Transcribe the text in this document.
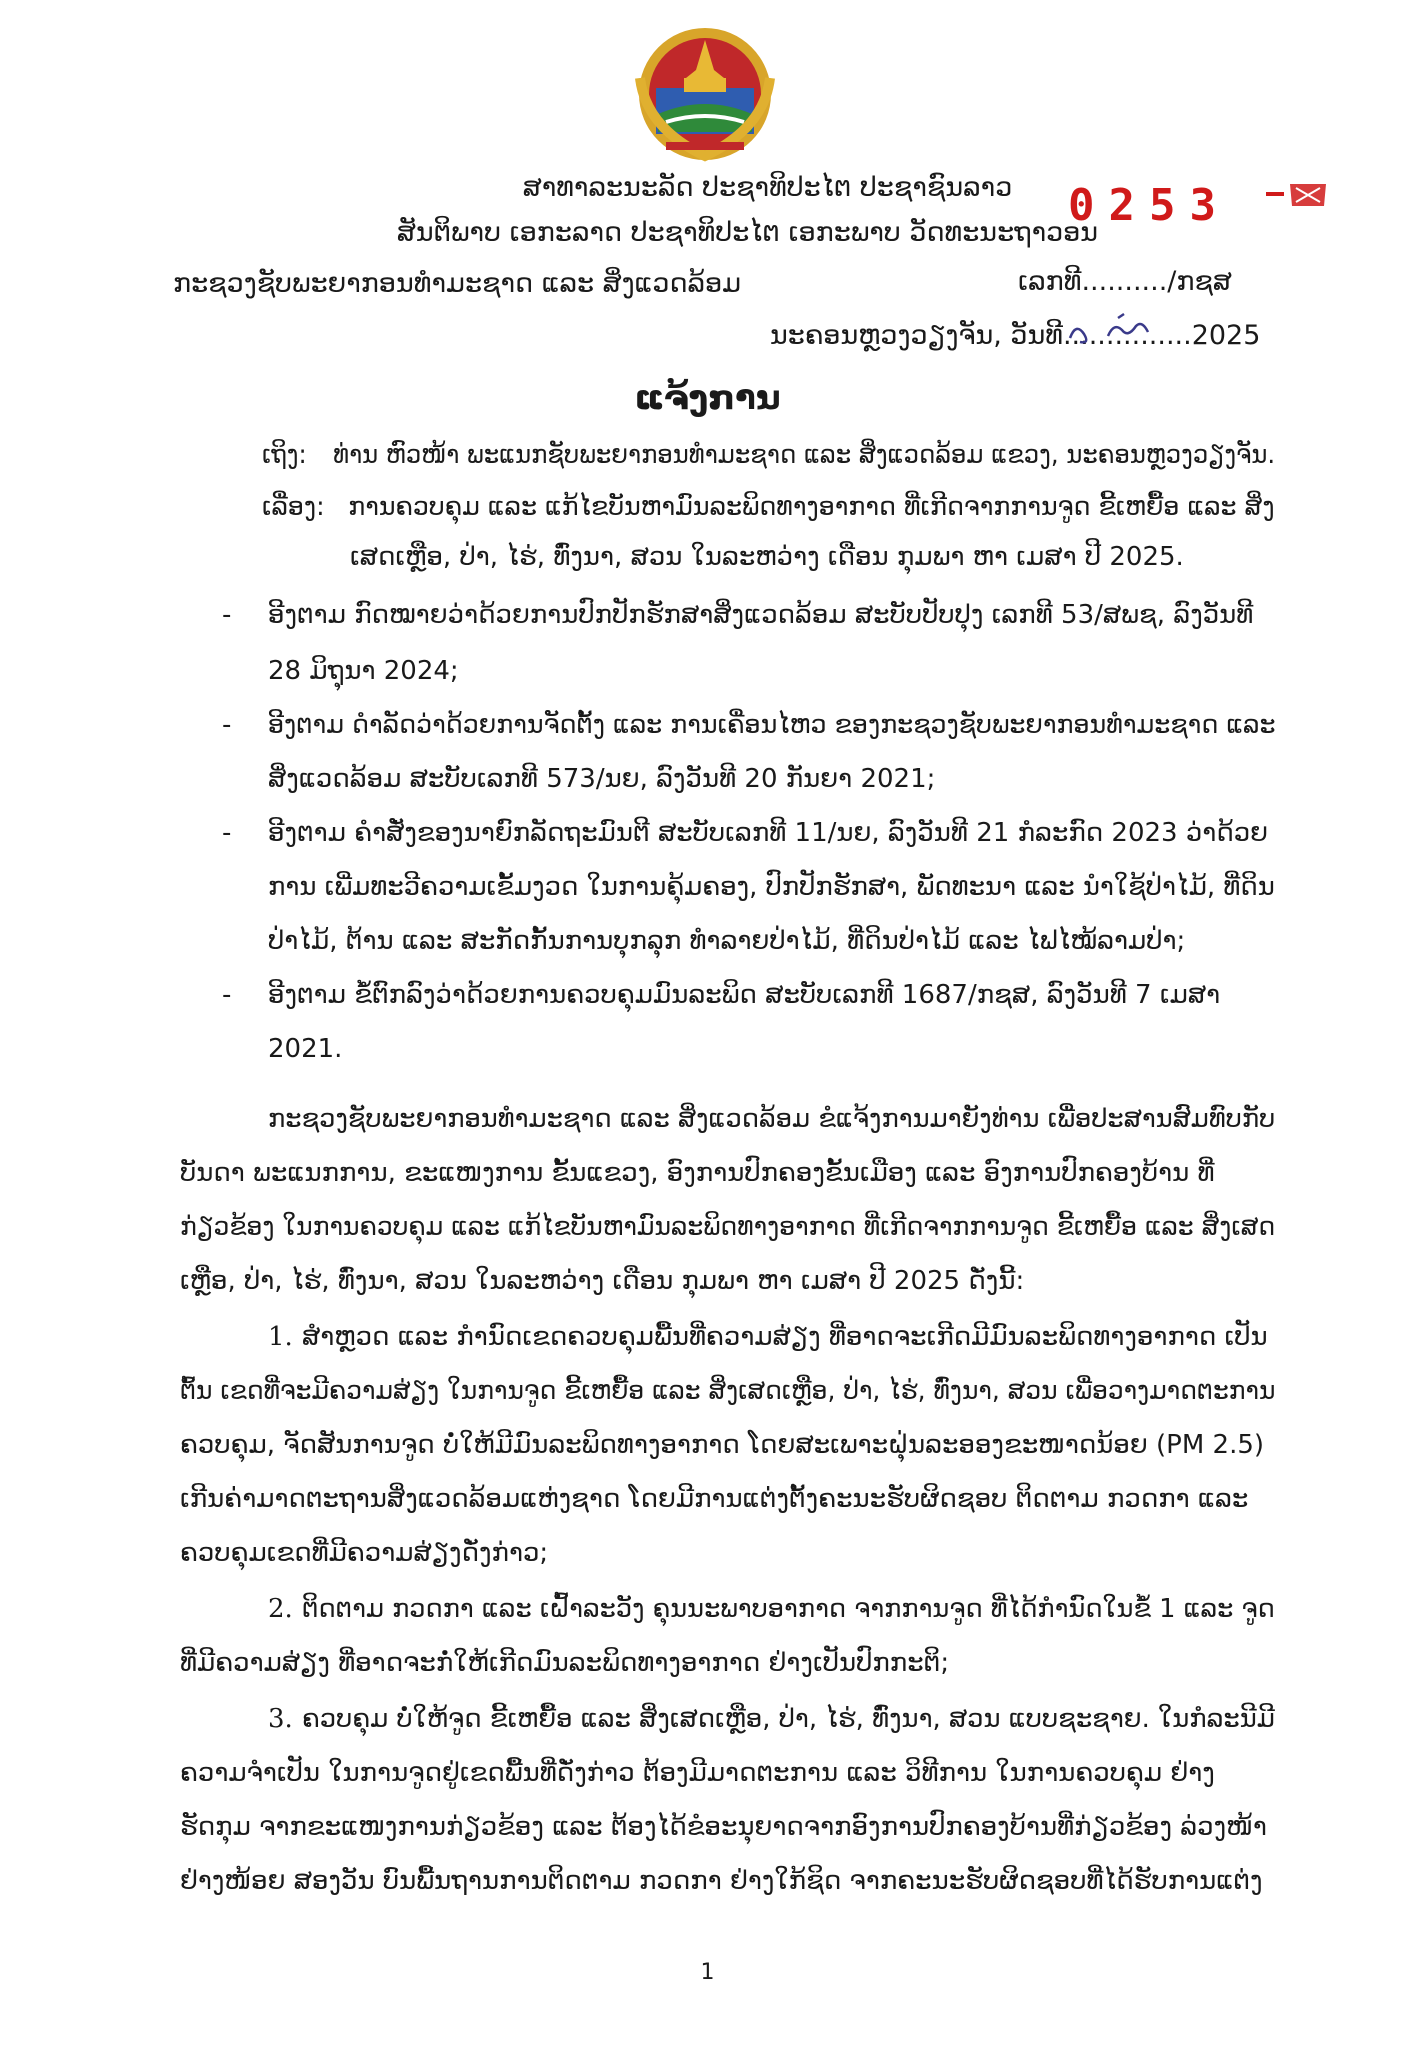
ສາທາລະນະລັດ ປະຊາທິປະໄຕ ປະຊາຊົນລາວ
ສັນຕິພາບ ເອກະລາດ ປະຊາທິປະໄຕ ເອກະພາບ ວັດທະນະຖາວອນ
0253
ກະຊວງຊັບພະຍາກອນທໍາມະຊາດ ແລະ ສິ່ງແວດລ້ອມ	ເລກທີ........../ກຊສ
ນະຄອນຫຼວງວຽງຈັນ, ວັນທີ...............2025
ແຈ້ງການ
ເຖິງ: ທ່ານ ຫົວໜ້າ ພະແນກຊັບພະຍາກອນທໍາມະຊາດ ແລະ ສິ່ງແວດລ້ອມ ແຂວງ, ນະຄອນຫຼວງວຽງຈັນ.
ເລື່ອງ: ການຄວບຄຸມ ແລະ ແກ້ໄຂບັນຫາມົນລະພິດທາງອາກາດ ທີ່ເກີດຈາກການຈູດ ຂີ້ເຫຍື້ອ ແລະ ສິ່ງ
ເສດເຫຼືອ, ປ່າ, ໄຮ່, ທົ່ງນາ, ສວນ ໃນລະຫວ່າງ ເດືອນ ກຸມພາ ຫາ ເມສາ ປີ 2025.
- ອີງຕາມ ກົດໝາຍວ່າດ້ວຍການປົກປັກຮັກສາສິ່ງແວດລ້ອມ ສະບັບປັບປຸງ ເລກທີ 53/ສພຊ, ລົງວັນທີ
28 ມິຖຸນາ 2024;
- ອີງຕາມ ດໍາລັດວ່າດ້ວຍການຈັດຕັ້ງ ແລະ ການເຄື່ອນໄຫວ ຂອງກະຊວງຊັບພະຍາກອນທໍາມະຊາດ ແລະ
ສິ່ງແວດລ້ອມ ສະບັບເລກທີ 573/ນຍ, ລົງວັນທີ 20 ກັນຍາ 2021;
- ອີງຕາມ ຄໍາສັ່ງຂອງນາຍົກລັດຖະມົນຕີ ສະບັບເລກທີ 11/ນຍ, ລົງວັນທີ 21 ກໍລະກົດ 2023 ວ່າດ້ວຍ
ການ ເພີ່ມທະວີຄວາມເຂັ້ມງວດ ໃນການຄຸ້ມຄອງ, ປົກປັກຮັກສາ, ພັດທະນາ ແລະ ນໍາໃຊ້ປ່າໄມ້, ທີ່ດິນ
ປ່າໄມ້, ຕ້ານ ແລະ ສະກັດກັ້ນການບຸກລຸກ ທໍາລາຍປ່າໄມ້, ທີ່ດິນປ່າໄມ້ ແລະ ໄຟໄໝ້ລາມປ່າ;
- ອີງຕາມ ຂໍ້ຕົກລົງວ່າດ້ວຍການຄວບຄຸມມົນລະພິດ ສະບັບເລກທີ 1687/ກຊສ, ລົງວັນທີ 7 ເມສາ
2021.
ກະຊວງຊັບພະຍາກອນທໍາມະຊາດ ແລະ ສິ່ງແວດລ້ອມ ຂໍແຈ້ງການມາຍັງທ່ານ ເພື່ອປະສານສົມທົບກັບ
ບັນດາ ພະແນກການ, ຂະແໜງການ ຂັ້ນແຂວງ, ອົງການປົກຄອງຂັ້ນເມືອງ ແລະ ອົງການປົກຄອງບ້ານ ທີ່
ກ່ຽວຂ້ອງ ໃນການຄວບຄຸມ ແລະ ແກ້ໄຂບັນຫາມົນລະພິດທາງອາກາດ ທີ່ເກີດຈາກການຈູດ ຂີ້ເຫຍື້ອ ແລະ ສິ່ງເສດ
ເຫຼືອ, ປ່າ, ໄຮ່, ທົ່ງນາ, ສວນ ໃນລະຫວ່າງ ເດືອນ ກຸມພາ ຫາ ເມສາ ປີ 2025 ດັ່ງນີ້:
1. ສໍາຫຼວດ ແລະ ກໍານົດເຂດຄວບຄຸມພື້ນທີ່ຄວາມສ່ຽງ ທີ່ອາດຈະເກີດມີມົນລະພິດທາງອາກາດ ເປັນ
ຕົ້ນ ເຂດທີ່ຈະມີຄວາມສ່ຽງ ໃນການຈູດ ຂີ້ເຫຍື້ອ ແລະ ສິ່ງເສດເຫຼືອ, ປ່າ, ໄຮ່, ທົ່ງນາ, ສວນ ເພື່ອວາງມາດຕະການ
ຄວບຄຸມ, ຈັດສັນການຈູດ ບໍ່ໃຫ້ມີມົນລະພິດທາງອາກາດ ໂດຍສະເພາະຝຸ່ນລະອອງຂະໜາດນ້ອຍ (PM 2.5)
ເກີນຄ່າມາດຕະຖານສິ່ງແວດລ້ອມແຫ່ງຊາດ ໂດຍມີການແຕ່ງຕັ້ງຄະນະຮັບຜິດຊອບ ຕິດຕາມ ກວດກາ ແລະ
ຄວບຄຸມເຂດທີ່ມີຄວາມສ່ຽງດັ່ງກ່າວ;
2. ຕິດຕາມ ກວດກາ ແລະ ເຝົ້າລະວັງ ຄຸນນະພາບອາກາດ ຈາກການຈູດ ທີ່ໄດ້ກໍານົດໃນຂໍ້ 1 ແລະ ຈູດ
ທີ່ມີຄວາມສ່ຽງ ທີ່ອາດຈະກໍ່ໃຫ້ເກີດມົນລະພິດທາງອາກາດ ຢ່າງເປັນປົກກະຕິ;
3. ຄວບຄຸມ ບໍ່ໃຫ້ຈູດ ຂີ້ເຫຍື້ອ ແລະ ສິ່ງເສດເຫຼືອ, ປ່າ, ໄຮ່, ທົ່ງນາ, ສວນ ແບບຊະຊາຍ. ໃນກໍລະນີມີ
ຄວາມຈໍາເປັນ ໃນການຈູດຢູ່ເຂດພື້ນທີ່ດັ່ງກ່າວ ຕ້ອງມີມາດຕະການ ແລະ ວິທີການ ໃນການຄວບຄຸມ ຢ່າງ
ຮັດກຸມ ຈາກຂະແໜງການກ່ຽວຂ້ອງ ແລະ ຕ້ອງໄດ້ຂໍອະນຸຍາດຈາກອົງການປົກຄອງບ້ານທີ່ກ່ຽວຂ້ອງ ລ່ວງໜ້າ
ຢ່າງໜ້ອຍ ສອງວັນ ບົນພື້ນຖານການຕິດຕາມ ກວດກາ ຢ່າງໃກ້ຊິດ ຈາກຄະນະຮັບຜິດຊອບທີ່ໄດ້ຮັບການແຕ່ງ
1
